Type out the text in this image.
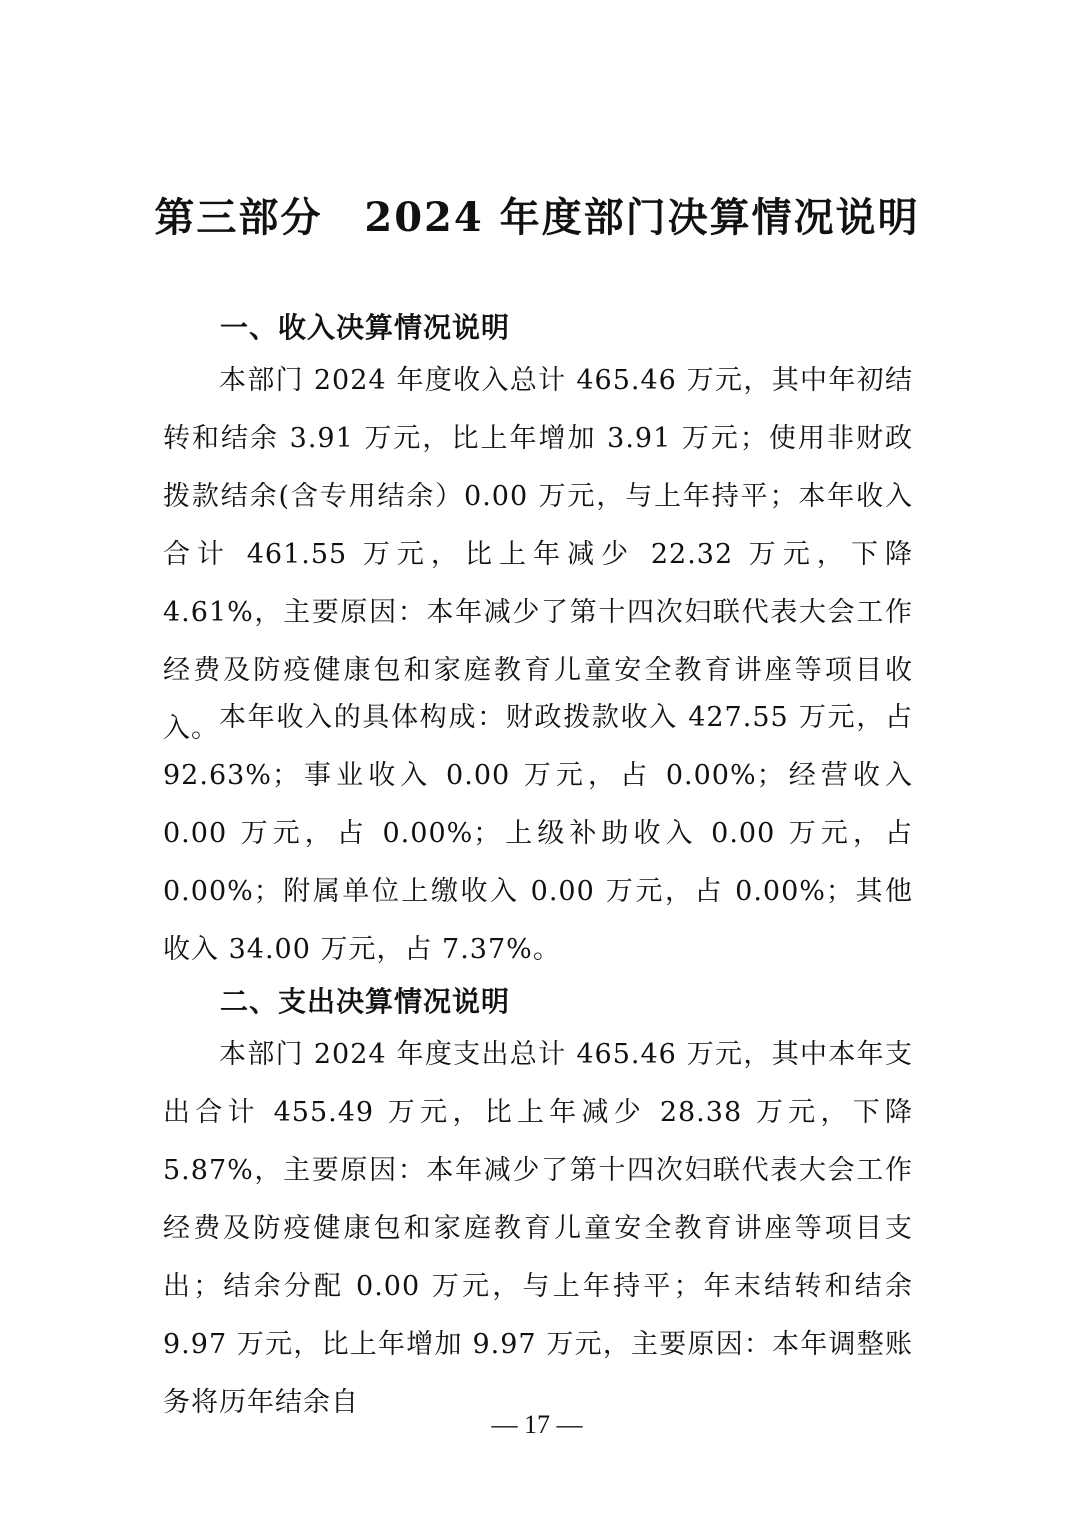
第三部分　2024 年度部门决算情况说明
一、收入决算情况说明

本部门 2024 年度收入总计 465.46 万元，其中年初结转和结余 3.91 万元，比上年增加 3.91 万元；使用非财政拨款结余(含专用结余）0.00 万元，与上年持平；本年收入合计 461.55 万元，比上年减少 22.32 万元，下降 4.61%，主要原因：本年减少了第十四次妇联代表大会工作经费及防疫健康包和家庭教育儿童安全教育讲座等项目收入。 本年收入的具体构成：财政拨款收入 427.55 万元，占 92.63%；事业收入 0.00 万元，占 0.00%；经营收入 0.00 万元，占 0.00%；上级补助收入 0.00 万元，占 0.00%；附属单位上缴收入 0.00 万元，占 0.00%；其他收入 34.00 万元，占 7.37%。

二、支出决算情况说明

本部门 2024 年度支出总计 465.46 万元，其中本年支出合计 455.49 万元，比上年减少 28.38 万元，下降 5.87%，主要原因：本年减少了第十四次妇联代表大会工作经费及防疫健康包和家庭教育儿童安全教育讲座等项目支出；结余分配 0.00 万元，与上年持平；年末结转和结余 9.97 万元，比上年增加 9.97 万元，主要原因：本年调整账务将历年结余自

— 17 —
